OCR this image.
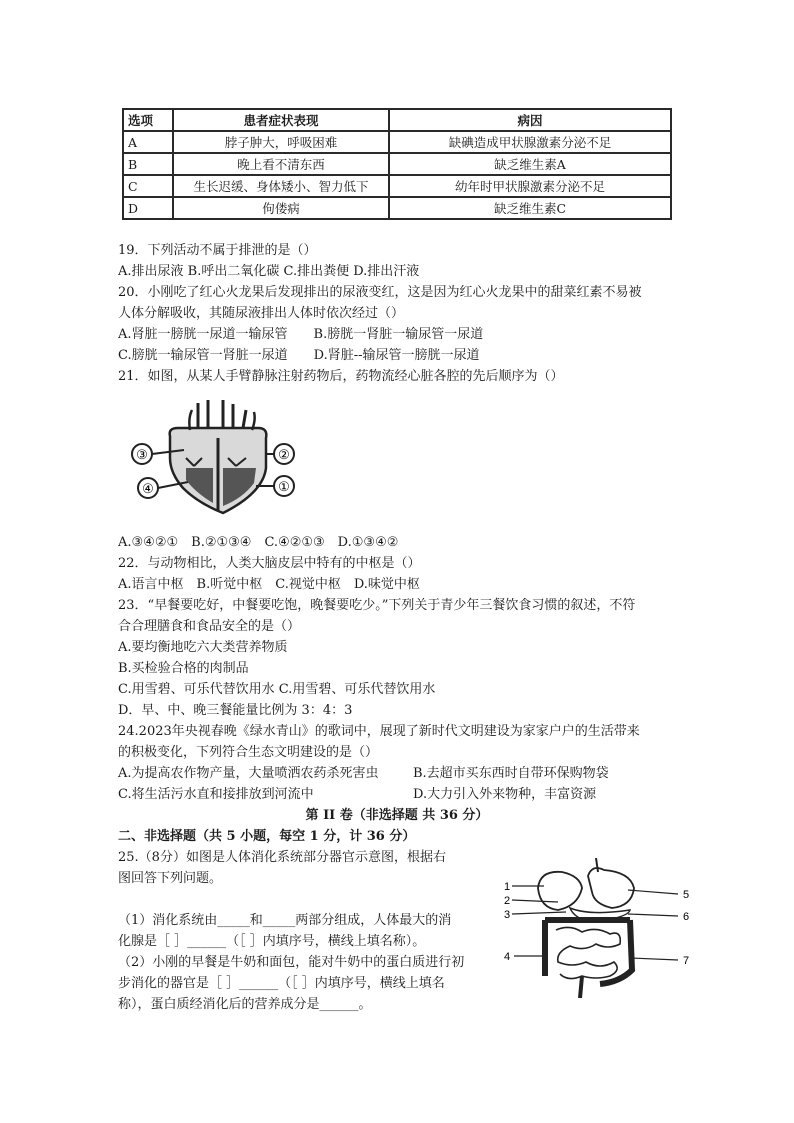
选项	患者症状表现	病因
A	脖子肿大，呼吸困难	缺碘造成甲状腺激素分泌不足
B	晚上看不清东西	缺乏维生素A
C	生长迟缓、身体矮小、智力低下	幼年时甲状腺激素分泌不足
D	佝偻病	缺乏维生素C
19．下列活动不属于排泄的是（）
A.排出尿液 B.呼出二氧化碳 C.排出粪便 D.排出汗液
20．小刚吃了红心火龙果后发现排出的尿液变红，这是因为红心火龙果中的甜菜红素不易被
人体分解吸收，其随尿液排出人体时依次经过（）
A.肾脏一膀胱一尿道一输尿管　　B.膀胱一肾脏一输尿管一尿道
C.膀胱一输尿管一肾脏一尿道　　D.肾脏--输尿管一膀胱一尿道
21．如图，从某人手臂静脉注射药物后，药物流经心脏各腔的先后顺序为（）
③	②
④	①
A.③④②①　B.②①③④　C.④②①③　D.①③④②
22．与动物相比，人类大脑皮层中特有的中枢是（）
A.语言中枢　B.听觉中枢　C.视觉中枢　D.味觉中枢
23．“早餐要吃好，中餐要吃饱，晚餐要吃少。”下列关于青少年三餐饮食习惯的叙述，不符
合合理膳食和食品安全的是（）
A.要均衡地吃六大类营养物质
B.买检验合格的肉制品
C.用雪碧、可乐代替饮用水 C.用雪碧、可乐代替饮用水
D．早、中、晚三餐能量比例为 3：4：3
24.2023年央视春晚《绿水青山》的歌词中，展现了新时代文明建设为家家户户的生活带来
的积极变化，下列符合生态文明建设的是（）
A.为提高农作物产量，大量喷洒农药杀死害虫	B.去超市买东西时自带环保购物袋
C.将生活污水直和接排放到河流中	D.大力引入外来物种，丰富资源
第 II 卷（非选择题 共 36 分）
二、非选择题（共 5 小题，每空 1 分，计 36 分）
25.（8分）如图是人体消化系统部分器官示意图，根据右
图回答下列问题。
（1）消化系统由_____和_____两部分组成，人体最大的消
化腺是［ ］______（［ ］内填序号，横线上填名称）。
（2）小刚的早餐是牛奶和面包，能对牛奶中的蛋白质进行初
步消化的器官是［ ］______（［ ］内填序号，横线上填名
称），蛋白质经消化后的营养成分是______。
1
2
3
4
5
6
7
